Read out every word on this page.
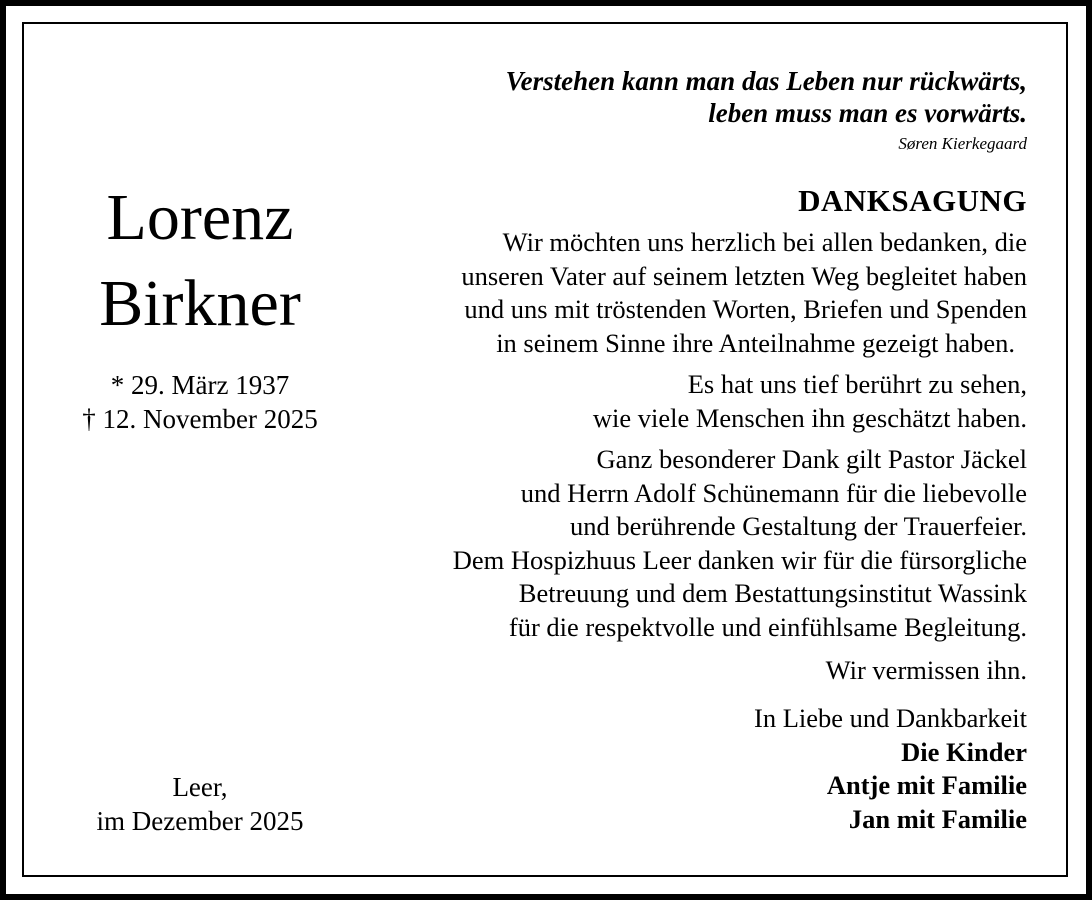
Lorenz
Birkner
* 29. März 1937
† 12. November 2025
Leer,
im Dezember 2025
Verstehen kann man das Leben nur rückwärts,
leben muss man es vorwärts.
Søren Kierkegaard
DANKSAGUNG
Wir möchten uns herzlich bei allen bedanken, die
unseren Vater auf seinem letzten Weg begleitet haben
und uns mit tröstenden Worten, Briefen und Spenden
in seinem Sinne ihre Anteilnahme gezeigt haben.
Es hat uns tief berührt zu sehen,
wie viele Menschen ihn geschätzt haben.
Ganz besonderer Dank gilt Pastor Jäckel
und Herrn Adolf Schünemann für die liebevolle
und berührende Gestaltung der Trauerfeier.
Dem Hospizhuus Leer danken wir für die fürsorgliche
Betreuung und dem Bestattungsinstitut Wassink
für die respektvolle und einfühlsame Begleitung.
Wir vermissen ihn.
In Liebe und Dankbarkeit
Die Kinder
Antje mit Familie
Jan mit Familie
